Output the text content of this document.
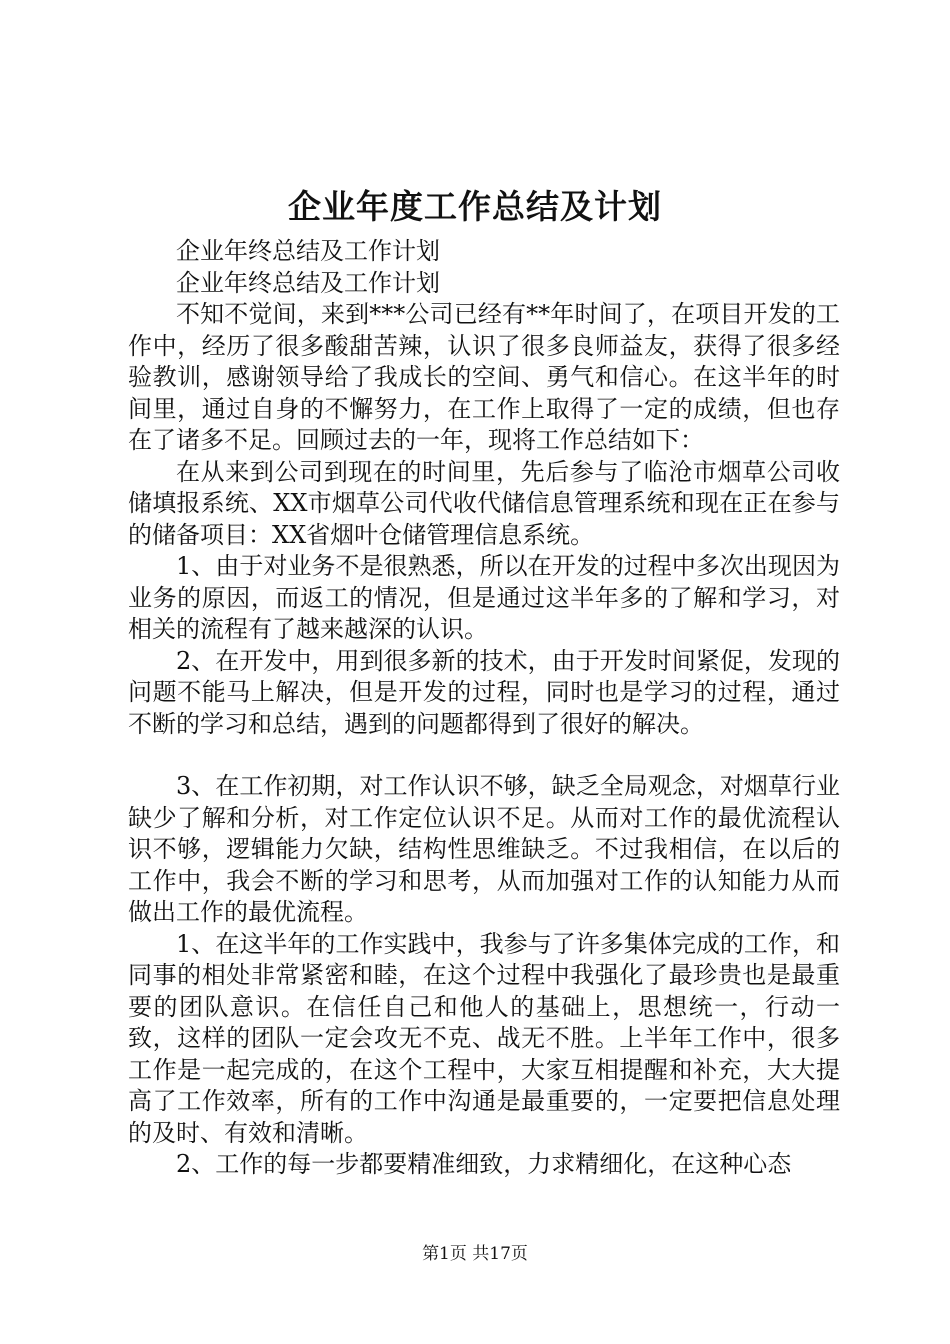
企业年度工作总结及计划

企业年终总结及工作计划

企业年终总结及工作计划

不知不觉间，来到***公司已经有**年时间了，在项目开发的工作中，经历了很多酸甜苦辣，认识了很多良师益友，获得了很多经验教训，感谢领导给了我成长的空间、勇气和信心。在这半年的时间里，通过自身的不懈努力，在工作上取得了一定的成绩，但也存在了诸多不足。回顾过去的一年，现将工作总结如下：

在从来到公司到现在的时间里，先后参与了临沧市烟草公司收储填报系统、XX市烟草公司代收代储信息管理系统和现在正在参与的储备项目：XX省烟叶仓储管理信息系统。

1、由于对业务不是很熟悉，所以在开发的过程中多次出现因为业务的原因，而返工的情况，但是通过这半年多的了解和学习，对相关的流程有了越来越深的认识。

2、在开发中，用到很多新的技术，由于开发时间紧促，发现的问题不能马上解决，但是开发的过程，同时也是学习的过程，通过不断的学习和总结，遇到的问题都得到了很好的解决。

3、在工作初期，对工作认识不够，缺乏全局观念，对烟草行业缺少了解和分析，对工作定位认识不足。从而对工作的最优流程认识不够，逻辑能力欠缺，结构性思维缺乏。不过我相信，在以后的工作中，我会不断的学习和思考，从而加强对工作的认知能力从而做出工作的最优流程。

1、在这半年的工作实践中，我参与了许多集体完成的工作，和同事的相处非常紧密和睦，在这个过程中我强化了最珍贵也是最重要的团队意识。在信任自己和他人的基础上，思想统一，行动一致，这样的团队一定会攻无不克、战无不胜。上半年工作中，很多工作是一起完成的，在这个工程中，大家互相提醒和补充，大大提高了工作效率，所有的工作中沟通是最重要的，一定要把信息处理的及时、有效和清晰。

2、工作的每一步都要精准细致，力求精细化，在这种心态

第1页 共17页
